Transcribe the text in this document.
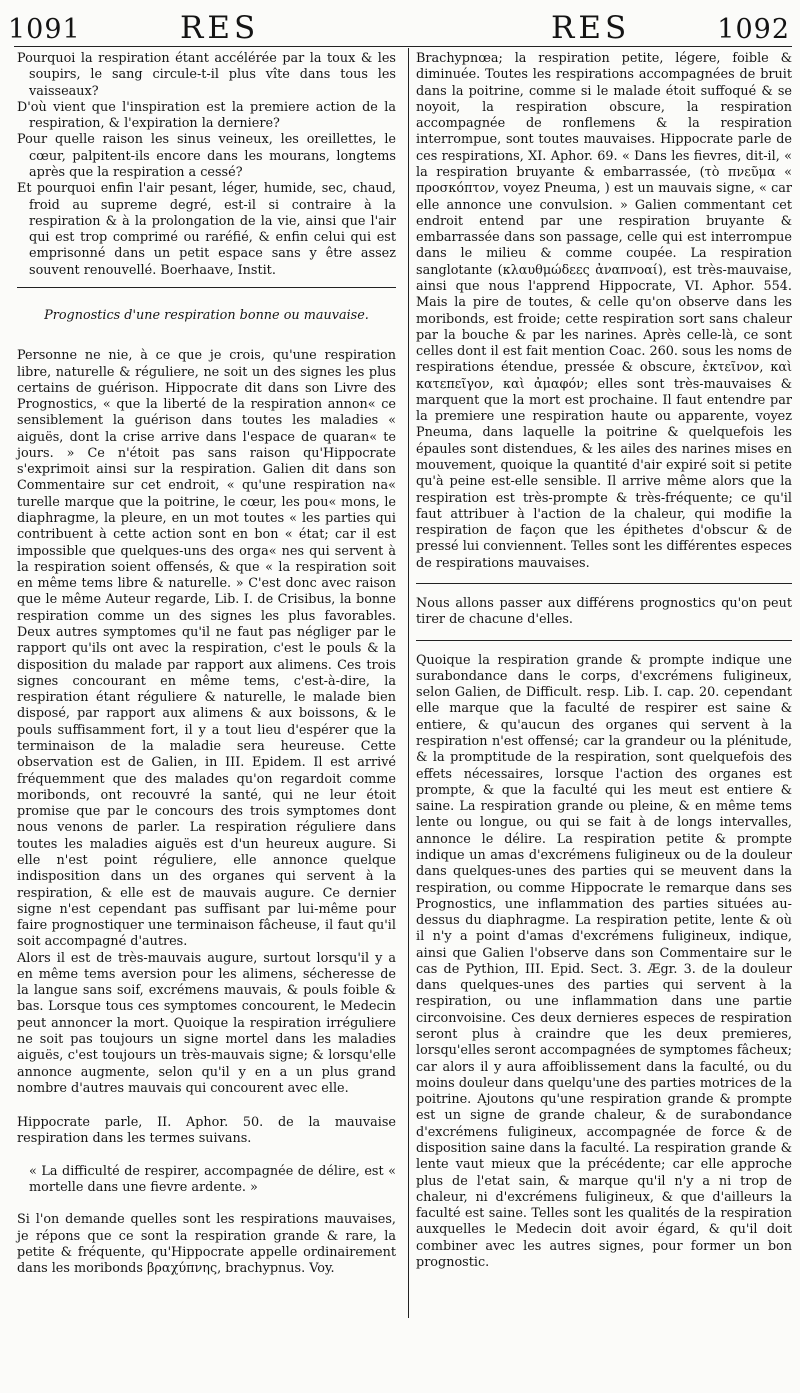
1091	RES	RES	1092

Pourquoi la respiration étant accélérée par la toux & les soupirs, le sang circule-t-il plus vîte dans tous les vaisseaux?

D'où vient que l'inspiration est la premiere action de la respiration, & l'expiration la derniere?

Pour quelle raison les sinus veineux, les oreillettes, le cœur, palpitent-ils encore dans les mourans, longtems après que la respiration a cessé?

Et pourquoi enfin l'air pesant, léger, humide, sec, chaud, froid au supreme degré, est-il si contraire à la respiration & à la prolongation de la vie, ainsi que l'air qui est trop comprimé ou raréfié, & enfin celui qui est emprisonné dans un petit espace sans y être assez souvent renouvellé. Boerhaave, Instit.

Prognostics d'une respiration bonne ou mauvaise.

Personne ne nie, à ce que je crois, qu'une respiration libre, naturelle & réguliere, ne soit un des signes les plus certains de guérison. Hippocrate dit dans son Livre des Prognostics, « que la liberté de la respiration annon« ce sensiblement la guérison dans toutes les maladies « aiguës, dont la crise arrive dans l'espace de quaran« te jours. » Ce n'étoit pas sans raison qu'Hippocrate s'exprimoit ainsi sur la respiration. Galien dit dans son Commentaire sur cet endroit, « qu'une respiration na« turelle marque que la poitrine, le cœur, les pou« mons, le diaphragme, la pleure, en un mot toutes « les parties qui contribuent à cette action sont en bon « état; car il est impossible que quelques-uns des orga« nes qui servent à la respiration soient offensés, & que « la respiration soit en même tems libre & naturelle. » C'est donc avec raison que le même Auteur regarde, Lib. I. de Crisibus, la bonne respiration comme un des signes les plus favorables. Deux autres symptomes qu'il ne faut pas négliger par le rapport qu'ils ont avec la respiration, c'est le pouls & la disposition du malade par rapport aux alimens. Ces trois signes concourant en même tems, c'est-à-dire, la respiration étant réguliere & naturelle, le malade bien disposé, par rapport aux alimens & aux boissons, & le pouls suffisamment fort, il y a tout lieu d'espérer que la terminaison de la maladie sera heureuse. Cette observation est de Galien, in III. Epidem. Il est arrivé fréquemment que des malades qu'on regardoit comme moribonds, ont recouvré la santé, qui ne leur étoit promise que par le concours des trois symptomes dont nous venons de parler. La respiration réguliere dans toutes les maladies aiguës est d'un heureux augure. Si elle n'est point réguliere, elle annonce quelque indisposition dans un des organes qui servent à la respiration, & elle est de mauvais augure. Ce dernier signe n'est cependant pas suffisant par lui-même pour faire prognostiquer une terminaison fâcheuse, il faut qu'il soit accompagné d'autres.

Alors il est de très-mauvais augure, surtout lorsqu'il y a en même tems aversion pour les alimens, sécheresse de la langue sans soif, excrémens mauvais, & pouls foible & bas. Lorsque tous ces symptomes concourent, le Medecin peut annoncer la mort. Quoique la respiration irréguliere ne soit pas toujours un signe mortel dans les maladies aiguës, c'est toujours un très-mauvais signe; & lorsqu'elle annonce augmente, selon qu'il y en a un plus grand nombre d'autres mauvais qui concourent avec elle.

Hippocrate parle, II. Aphor. 50. de la mauvaise respiration dans les termes suivans.

« La difficulté de respirer, accompagnée de délire, est « mortelle dans une fievre ardente. »

Si l'on demande quelles sont les respirations mauvaises, je répons que ce sont la respiration grande & rare, la petite & fréquente, qu'Hippocrate appelle ordinairement dans les moribonds βραχύπνης, brachypnus. Voy.

Brachypnœa; la respiration petite, légere, foible & diminuée. Toutes les respirations accompagnées de bruit dans la poitrine, comme si le malade étoit suffoqué & se noyoit, la respiration obscure, la respiration accompagnée de ronflemens & la respiration interrompue, sont toutes mauvaises. Hippocrate parle de ces respirations, XI. Aphor. 69. « Dans les fievres, dit-il, « la respiration bruyante & embarrassée, (τὸ πνεῦμα « προσκόπτον, voyez Pneuma, ) est un mauvais signe, « car elle annonce une convulsion. » Galien commentant cet endroit entend par une respiration bruyante & embarrassée dans son passage, celle qui est interrompue dans le milieu & comme coupée. La respiration sanglotante (κλαυθμώδεες ἀναπνοαί), est très-mauvaise, ainsi que nous l'apprend Hippocrate, VI. Aphor. 554. Mais la pire de toutes, & celle qu'on observe dans les moribonds, est froide; cette respiration sort sans chaleur par la bouche & par les narines. Après celle-là, ce sont celles dont il est fait mention Coac. 260. sous les noms de respirations étendue, pressée & obscure, ἐκτεῖνον, καὶ κατεπεῖγον, καὶ ἀμαφόν; elles sont très-mauvaises & marquent que la mort est prochaine. Il faut entendre par la premiere une respiration haute ou apparente, voyez Pneuma, dans laquelle la poitrine & quelquefois les épaules sont distendues, & les ailes des narines mises en mouvement, quoique la quantité d'air expiré soit si petite qu'à peine est-elle sensible. Il arrive même alors que la respiration est très-prompte & très-fréquente; ce qu'il faut attribuer à l'action de la chaleur, qui modifie la respiration de façon que les épithetes d'obscur & de pressé lui conviennent. Telles sont les différentes especes de respirations mauvaises.

Nous allons passer aux différens prognostics qu'on peut tirer de chacune d'elles.

Quoique la respiration grande & prompte indique une surabondance dans le corps, d'excrémens fuligineux, selon Galien, de Difficult. resp. Lib. I. cap. 20. cependant elle marque que la faculté de respirer est saine & entiere, & qu'aucun des organes qui servent à la respiration n'est offensé; car la grandeur ou la plénitude, & la promptitude de la respiration, sont quelquefois des effets nécessaires, lorsque l'action des organes est prompte, & que la faculté qui les meut est entiere & saine. La respiration grande ou pleine, & en même tems lente ou longue, ou qui se fait à de longs intervalles, annonce le délire. La respiration petite & prompte indique un amas d'excrémens fuligineux ou de la douleur dans quelques-unes des parties qui se meuvent dans la respiration, ou comme Hippocrate le remarque dans ses Prognostics, une inflammation des parties situées au-dessus du diaphragme. La respiration petite, lente & où il n'y a point d'amas d'excrémens fuligineux, indique, ainsi que Galien l'observe dans son Commentaire sur le cas de Pythion, III. Epid. Sect. 3. Ægr. 3. de la douleur dans quelques-unes des parties qui servent à la respiration, ou une inflammation dans une partie circonvoisine. Ces deux dernieres especes de respiration seront plus à craindre que les deux premieres, lorsqu'elles seront accompagnées de symptomes fâcheux; car alors il y aura affoiblissement dans la faculté, ou du moins douleur dans quelqu'une des parties motrices de la poitrine. Ajoutons qu'une respiration grande & prompte est un signe de grande chaleur, & de surabondance d'excrémens fuligineux, accompagnée de force & de disposition saine dans la faculté. La respiration grande & lente vaut mieux que la précédente; car elle approche plus de l'etat sain, & marque qu'il n'y a ni trop de chaleur, ni d'excrémens fuligineux, & que d'ailleurs la faculté est saine. Telles sont les qualités de la respiration auxquelles le Medecin doit avoir égard, & qu'il doit combiner avec les autres signes, pour former un bon prognostic.
